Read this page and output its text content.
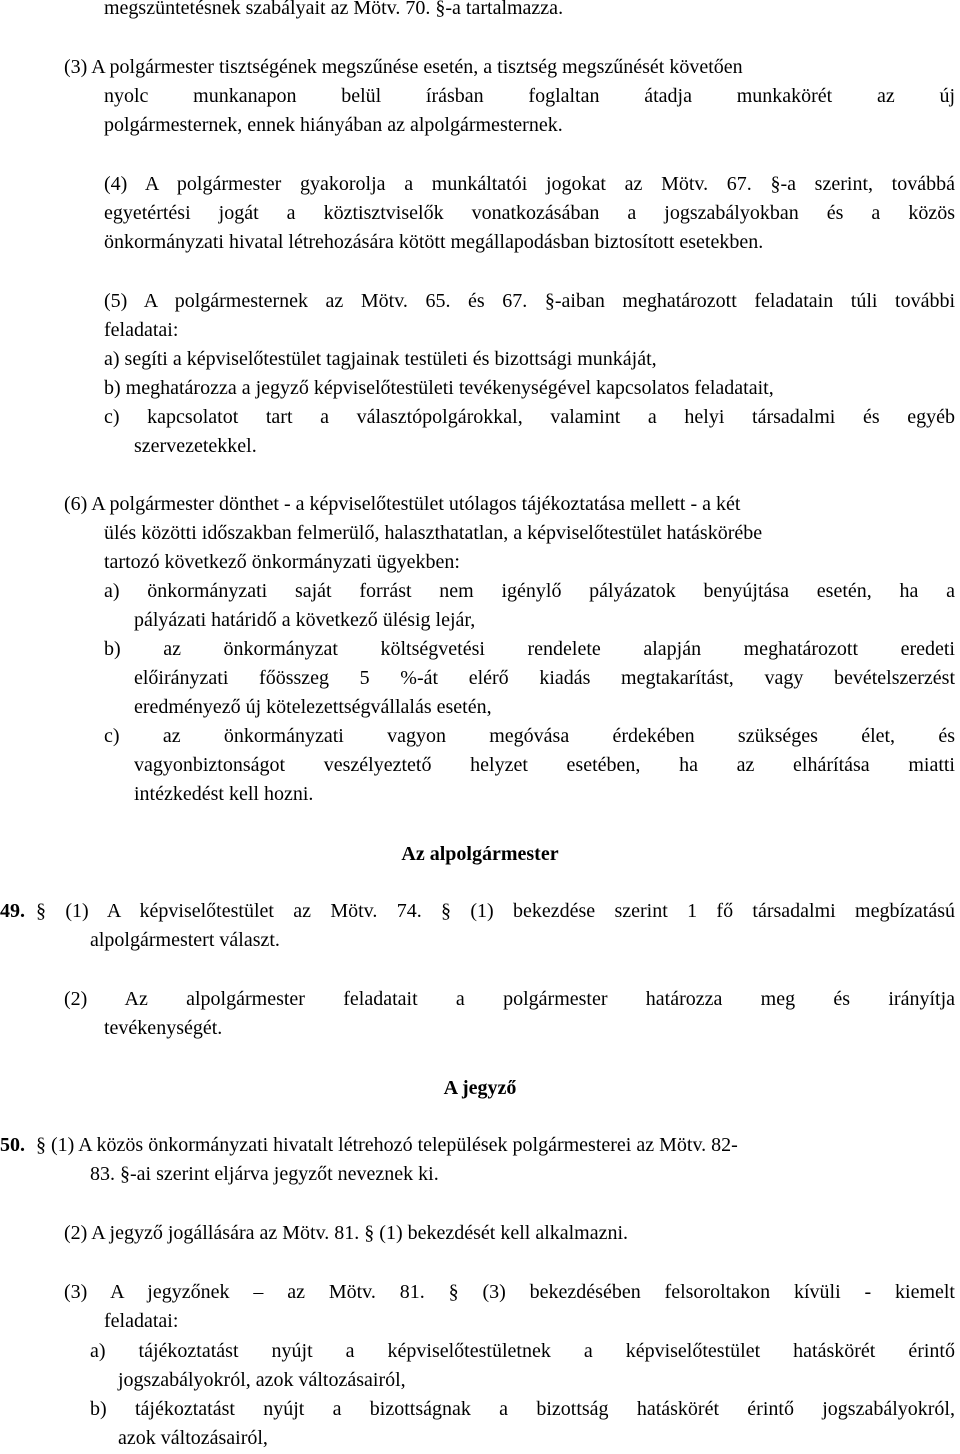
megszüntetésnek szabályait az Mötv. 70. §-a tartalmazza.
(3) A polgármester tisztségének megszűnése esetén, a tisztség megszűnését követően
nyolc munkanapon belül írásban foglaltan átadja munkakörét az új
polgármesternek, ennek hiányában az alpolgármesternek.
(4) A polgármester gyakorolja a munkáltatói jogokat az Mötv. 67. §-a szerint, továbbá
egyetértési jogát a köztisztviselők vonatkozásában a jogszabályokban és a közös
önkormányzati hivatal létrehozására kötött megállapodásban biztosított esetekben.
(5) A polgármesternek az Mötv. 65. és 67. §-aiban meghatározott feladatain túli további
feladatai:
a) segíti a képviselőtestület tagjainak testületi és bizottsági munkáját,
b) meghatározza a jegyző képviselőtestületi tevékenységével kapcsolatos feladatait,
c) kapcsolatot tart a választópolgárokkal, valamint a helyi társadalmi és egyéb
szervezetekkel.
(6) A polgármester dönthet - a képviselőtestület utólagos tájékoztatása mellett - a két
ülés közötti időszakban felmerülő, halaszthatatlan, a képviselőtestület hatáskörébe
tartozó következő önkormányzati ügyekben:
a) önkormányzati saját forrást nem igénylő pályázatok benyújtása esetén, ha a
pályázati határidő a következő ülésig lejár,
b) az önkormányzat költségvetési rendelete alapján meghatározott eredeti
előirányzati főösszeg 5 %-át elérő kiadás megtakarítást, vagy bevételszerzést
eredményező új kötelezettségvállalás esetén,
c) az önkormányzati vagyon megóvása érdekében szükséges élet, és
vagyonbiztonságot veszélyeztető helyzet esetében, ha az elhárítása miatti
intézkedést kell hozni.
Az alpolgármester
49. § (1) A képviselőtestület az Mötv. 74. § (1) bekezdése szerint 1 fő társadalmi megbízatású
alpolgármestert választ.
(2) Az alpolgármester feladatait a polgármester határozza meg és irányítja
tevékenységét.
A jegyző
50. § (1) A közös önkormányzati hivatalt létrehozó települések polgármesterei az Mötv. 82-
83. §-ai szerint eljárva jegyzőt neveznek ki.
(2) A jegyző jogállására az Mötv. 81. § (1) bekezdését kell alkalmazni.
(3) A jegyzőnek – az Mötv. 81. § (3) bekezdésében felsoroltakon kívüli - kiemelt
feladatai:
a) tájékoztatást nyújt a képviselőtestületnek a képviselőtestület hatáskörét érintő
jogszabályokról, azok változásairól,
b) tájékoztatást nyújt a bizottságnak a bizottság hatáskörét érintő jogszabályokról,
azok változásairól,
